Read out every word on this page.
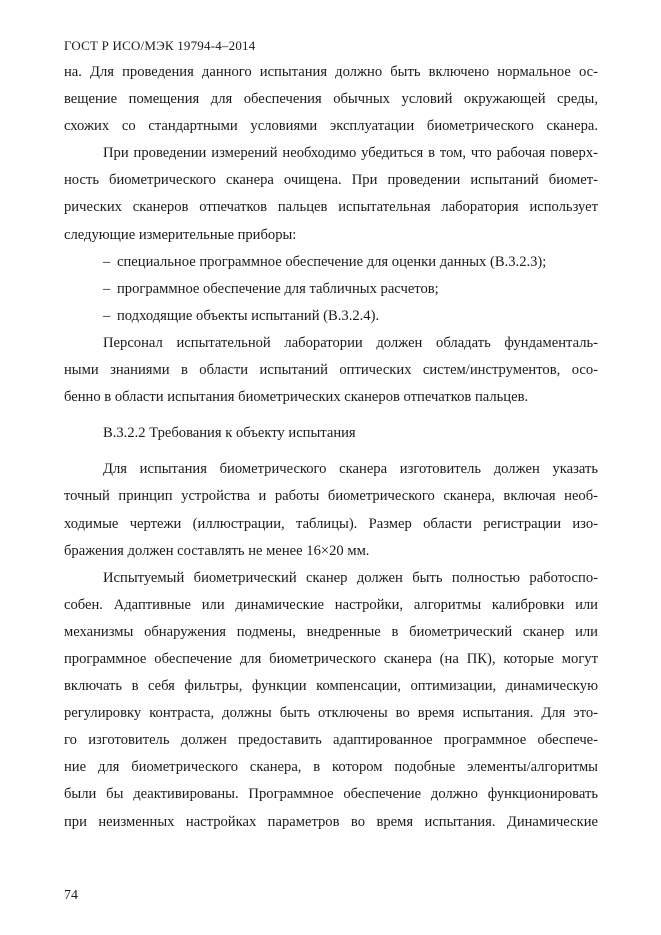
ГОСТ Р ИСО/МЭК 19794-4–2014
на. Для проведения данного испытания должно быть включено нормальное ос-
вещение помещения для обеспечения обычных условий окружающей среды,
схожих со стандартными условиями эксплуатации биометрического сканера.
При проведении измерений необходимо убедиться в том, что рабочая поверх-
ность биометрического сканера очищена. При проведении испытаний биомет-
рических сканеров отпечатков пальцев испытательная лаборатория использует
следующие измерительные приборы:
– специальное программное обеспечение для оценки данных (В.3.2.3);
– программное обеспечение для табличных расчетов;
– подходящие объекты испытаний (В.3.2.4).
Персонал испытательной лаборатории должен обладать фундаменталь-
ными знаниями в области испытаний оптических систем/инструментов, осо-
бенно в области испытания биометрических сканеров отпечатков пальцев.
В.3.2.2 Требования к объекту испытания
Для испытания биометрического сканера изготовитель должен указать
точный принцип устройства и работы биометрического сканера, включая необ-
ходимые чертежи (иллюстрации, таблицы). Размер области регистрации изо-
бражения должен составлять не менее 16×20 мм.
Испытуемый биометрический сканер должен быть полностью работоспо-
собен. Адаптивные или динамические настройки, алгоритмы калибровки или
механизмы обнаружения подмены, внедренные в биометрический сканер или
программное обеспечение для биометрического сканера (на ПК), которые могут
включать в себя фильтры, функции компенсации, оптимизации, динамическую
регулировку контраста, должны быть отключены во время испытания. Для это-
го изготовитель должен предоставить адаптированное программное обеспече-
ние для биометрического сканера, в котором подобные элементы/алгоритмы
были бы деактивированы. Программное обеспечение должно функционировать
при неизменных настройках параметров во время испытания. Динамические
74
